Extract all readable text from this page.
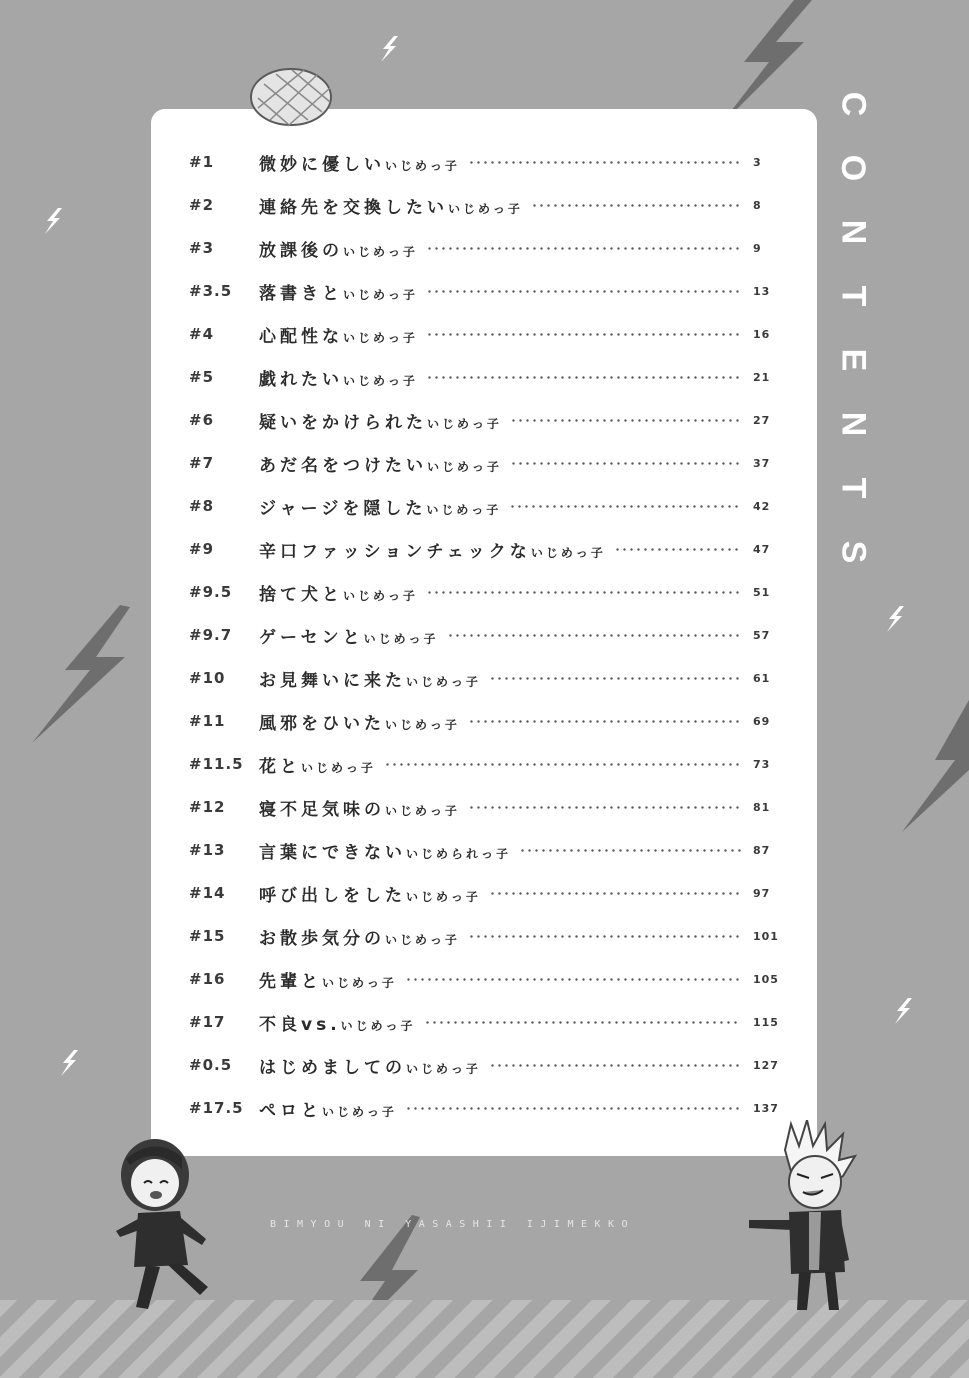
C
O
N
T
E
N
T
S
#1	微妙に優しいいじめっ子	3
#2	連絡先を交換したいいじめっ子	8
#3	放課後のいじめっ子	9
#3.5	落書きといじめっ子	13
#4	心配性ないじめっ子	16
#5	戯れたいいじめっ子	21
#6	疑いをかけられたいじめっ子	27
#7	あだ名をつけたいいじめっ子	37
#8	ジャージを隠したいじめっ子	42
#9	辛口ファッションチェックないじめっ子	47
#9.5	捨て犬といじめっ子	51
#9.7	ゲーセンといじめっ子	57
#10	お見舞いに来たいじめっ子	61
#11	風邪をひいたいじめっ子	69
#11.5 花といじめっ子	73
#12	寝不足気味のいじめっ子	81
#13	言葉にできないいじめられっ子	87
#14	呼び出しをしたいじめっ子	97
#15	お散歩気分のいじめっ子	101
#16	先輩といじめっ子	105
#17	不良vs.いじめっ子	115
#0.5	はじめましてのいじめっ子	127
#17.5 ペロといじめっ子	137
BIMYOU NI YASASHII IJIMEKKO
